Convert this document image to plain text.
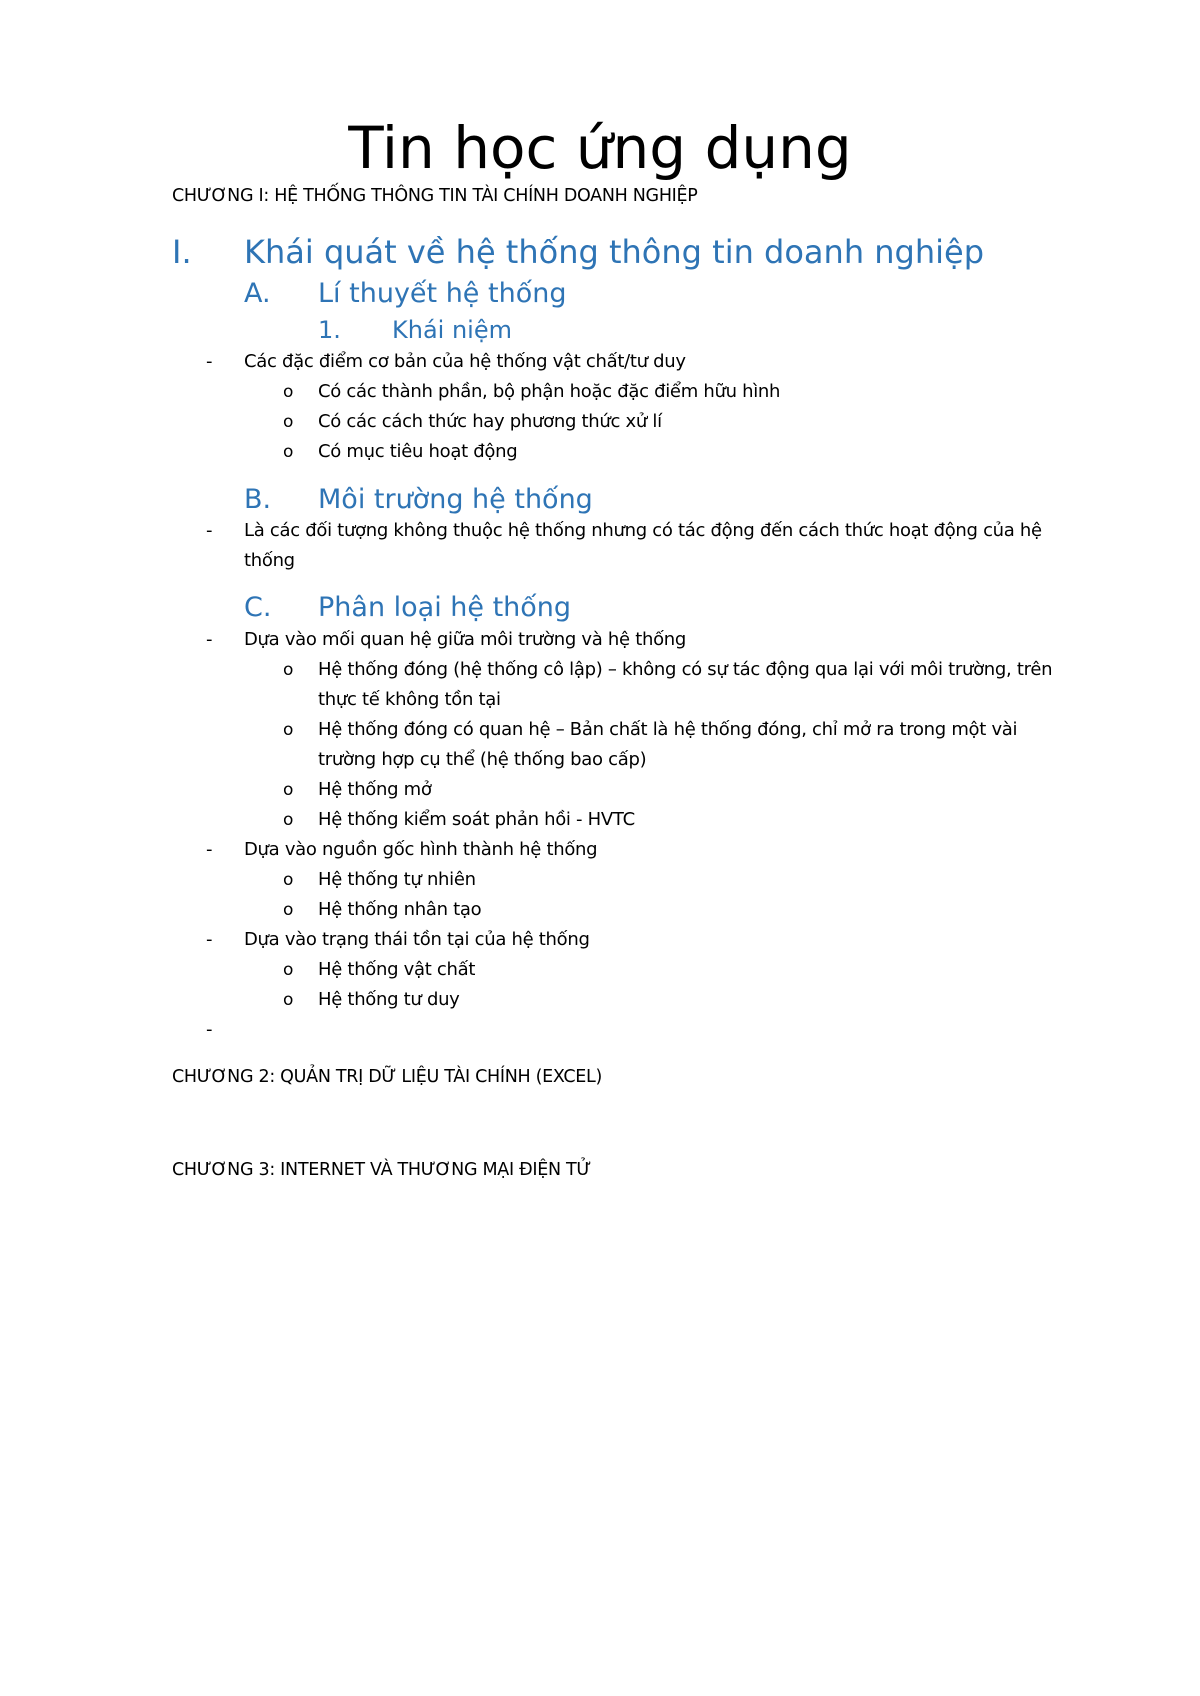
Tin học ứng dụng
CHƯƠNG I: HỆ THỐNG THÔNG TIN TÀI CHÍNH DOANH NGHIỆP
I. Khái quát về hệ thống thông tin doanh nghiệp
A. Lí thuyết hệ thống
1. Khái niệm
- Các đặc điểm cơ bản của hệ thống vật chất/tư duy
o Có các thành phần, bộ phận hoặc đặc điểm hữu hình
o Có các cách thức hay phương thức xử lí
o Có mục tiêu hoạt động
B. Môi trường hệ thống
- Là các đối tượng không thuộc hệ thống nhưng có tác động đến cách thức hoạt động của hệ
thống
C. Phân loại hệ thống
- Dựa vào mối quan hệ giữa môi trường và hệ thống
o Hệ thống đóng (hệ thống cô lập) – không có sự tác động qua lại với môi trường, trên
thực tế không tồn tại
o Hệ thống đóng có quan hệ – Bản chất là hệ thống đóng, chỉ mở ra trong một vài
trường hợp cụ thể (hệ thống bao cấp)
o Hệ thống mở
o Hệ thống kiểm soát phản hồi - HVTC
- Dựa vào nguồn gốc hình thành hệ thống
o Hệ thống tự nhiên
o Hệ thống nhân tạo
- Dựa vào trạng thái tồn tại của hệ thống
o Hệ thống vật chất
o Hệ thống tư duy
-
CHƯƠNG 2: QUẢN TRỊ DỮ LIỆU TÀI CHÍNH (EXCEL)
CHƯƠNG 3: INTERNET VÀ THƯƠNG MẠI ĐIỆN TỬ
